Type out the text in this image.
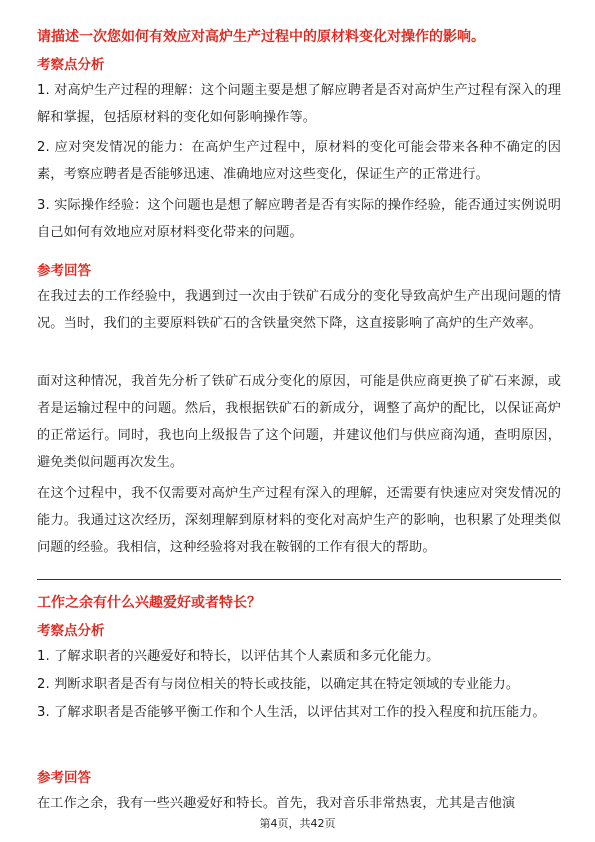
请描述一次您如何有效应对高炉生产过程中的原材料变化对操作的影响。
考察点分析

1. 对高炉生产过程的理解：这个问题主要是想了解应聘者是否对高炉生产过程有深入的理解和掌握，包括原材料的变化如何影响操作等。

2. 应对突发情况的能力：在高炉生产过程中，原材料的变化可能会带来各种不确定的因素，考察应聘者是否能够迅速、准确地应对这些变化，保证生产的正常进行。

3. 实际操作经验：这个问题也是想了解应聘者是否有实际的操作经验，能否通过实例说明自己如何有效地应对原材料变化带来的问题。

参考回答

在我过去的工作经验中，我遇到过一次由于铁矿石成分的变化导致高炉生产出现问题的情况。当时，我们的主要原料铁矿石的含铁量突然下降，这直接影响了高炉的生产效率。

面对这种情况，我首先分析了铁矿石成分变化的原因，可能是供应商更换了矿石来源，或者是运输过程中的问题。然后，我根据铁矿石的新成分，调整了高炉的配比，以保证高炉的正常运行。同时，我也向上级报告了这个问题，并建议他们与供应商沟通，查明原因，避免类似问题再次发生。

在这个过程中，我不仅需要对高炉生产过程有深入的理解，还需要有快速应对突发情况的能力。我通过这次经历，深刻理解到原材料的变化对高炉生产的影响，也积累了处理类似问题的经验。我相信，这种经验将对我在鞍钢的工作有很大的帮助。

工作之余有什么兴趣爱好或者特长？
考察点分析

1. 了解求职者的兴趣爱好和特长，以评估其个人素质和多元化能力。

2. 判断求职者是否有与岗位相关的特长或技能，以确定其在特定领域的专业能力。

3. 了解求职者是否能够平衡工作和个人生活，以评估其对工作的投入程度和抗压能力。

参考回答

在工作之余，我有一些兴趣爱好和特长。首先，我对音乐非常热衷，尤其是吉他演

第4页，共42页
